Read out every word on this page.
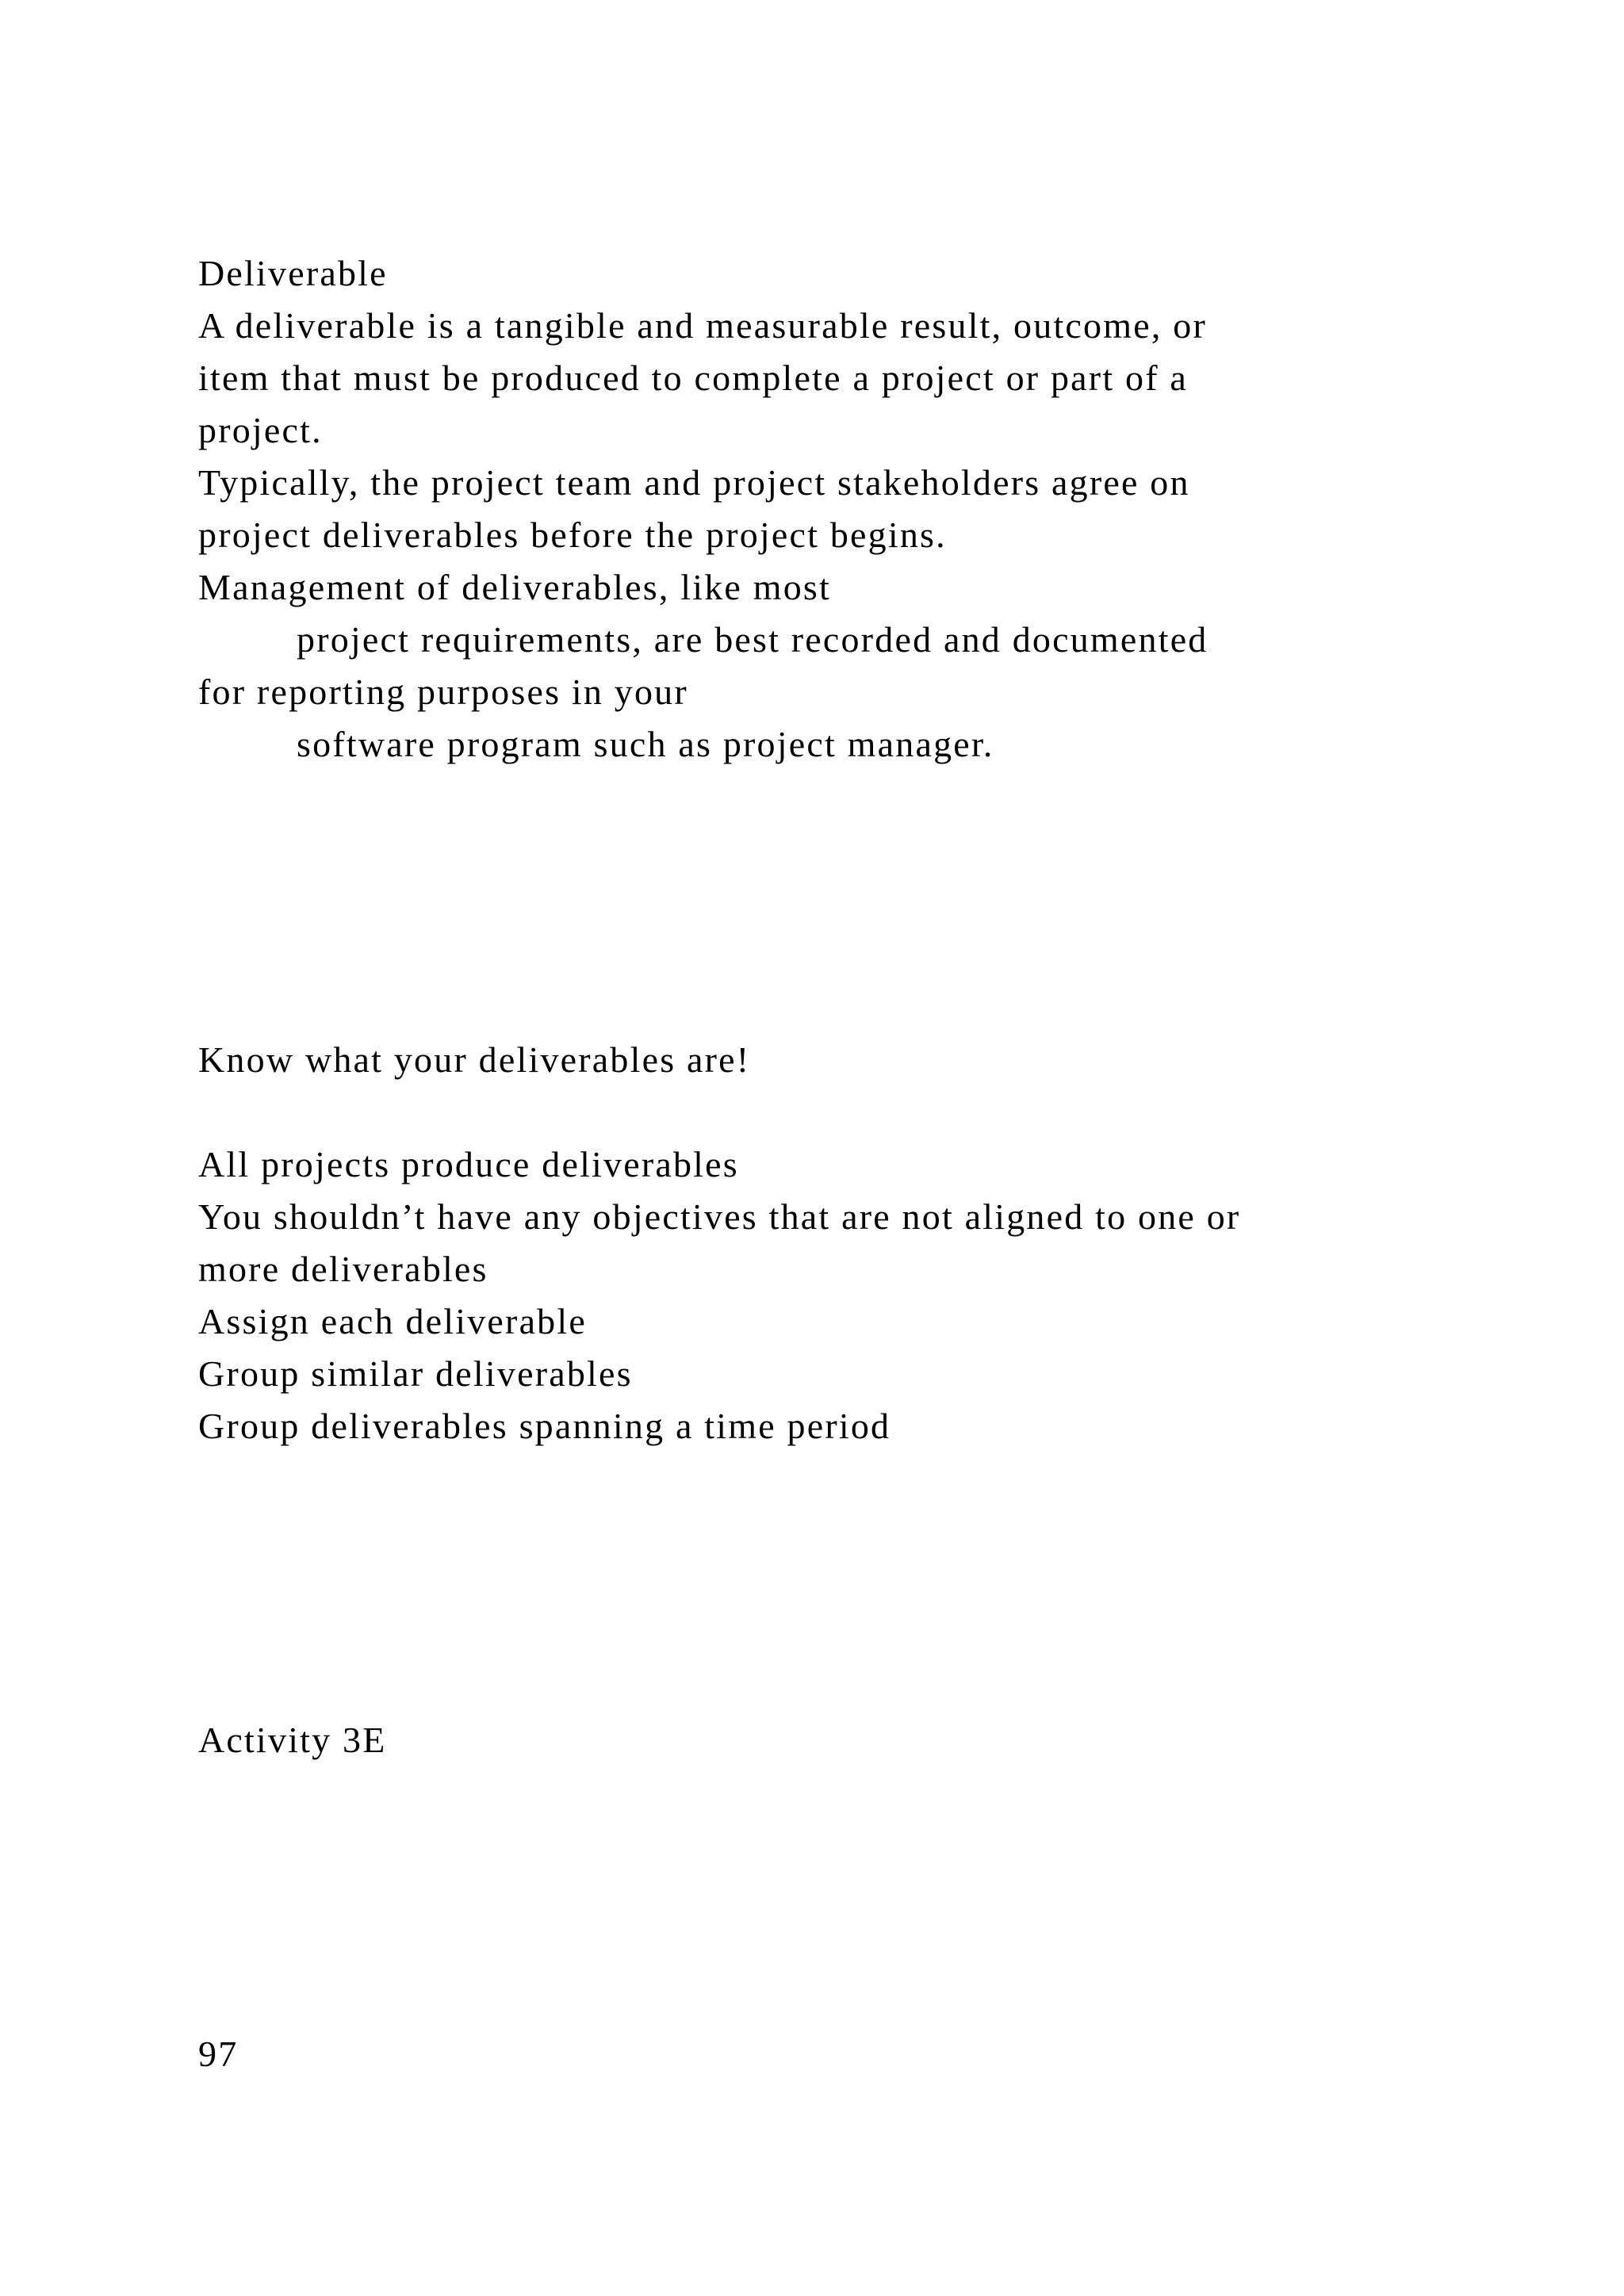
Deliverable
A deliverable is a tangible and measurable result, outcome, or
item that must be produced to complete a project or part of a
project.
Typically, the project team and project stakeholders agree on
project deliverables before the project begins.
Management of deliverables, like most
project requirements, are best recorded and documented
for reporting purposes in your
software program such as project manager.
Know what your deliverables are!
All projects produce deliverables
You shouldn’t have any objectives that are not aligned to one or
more deliverables
Assign each deliverable
Group similar deliverables
Group deliverables spanning a time period
Activity 3E
97
